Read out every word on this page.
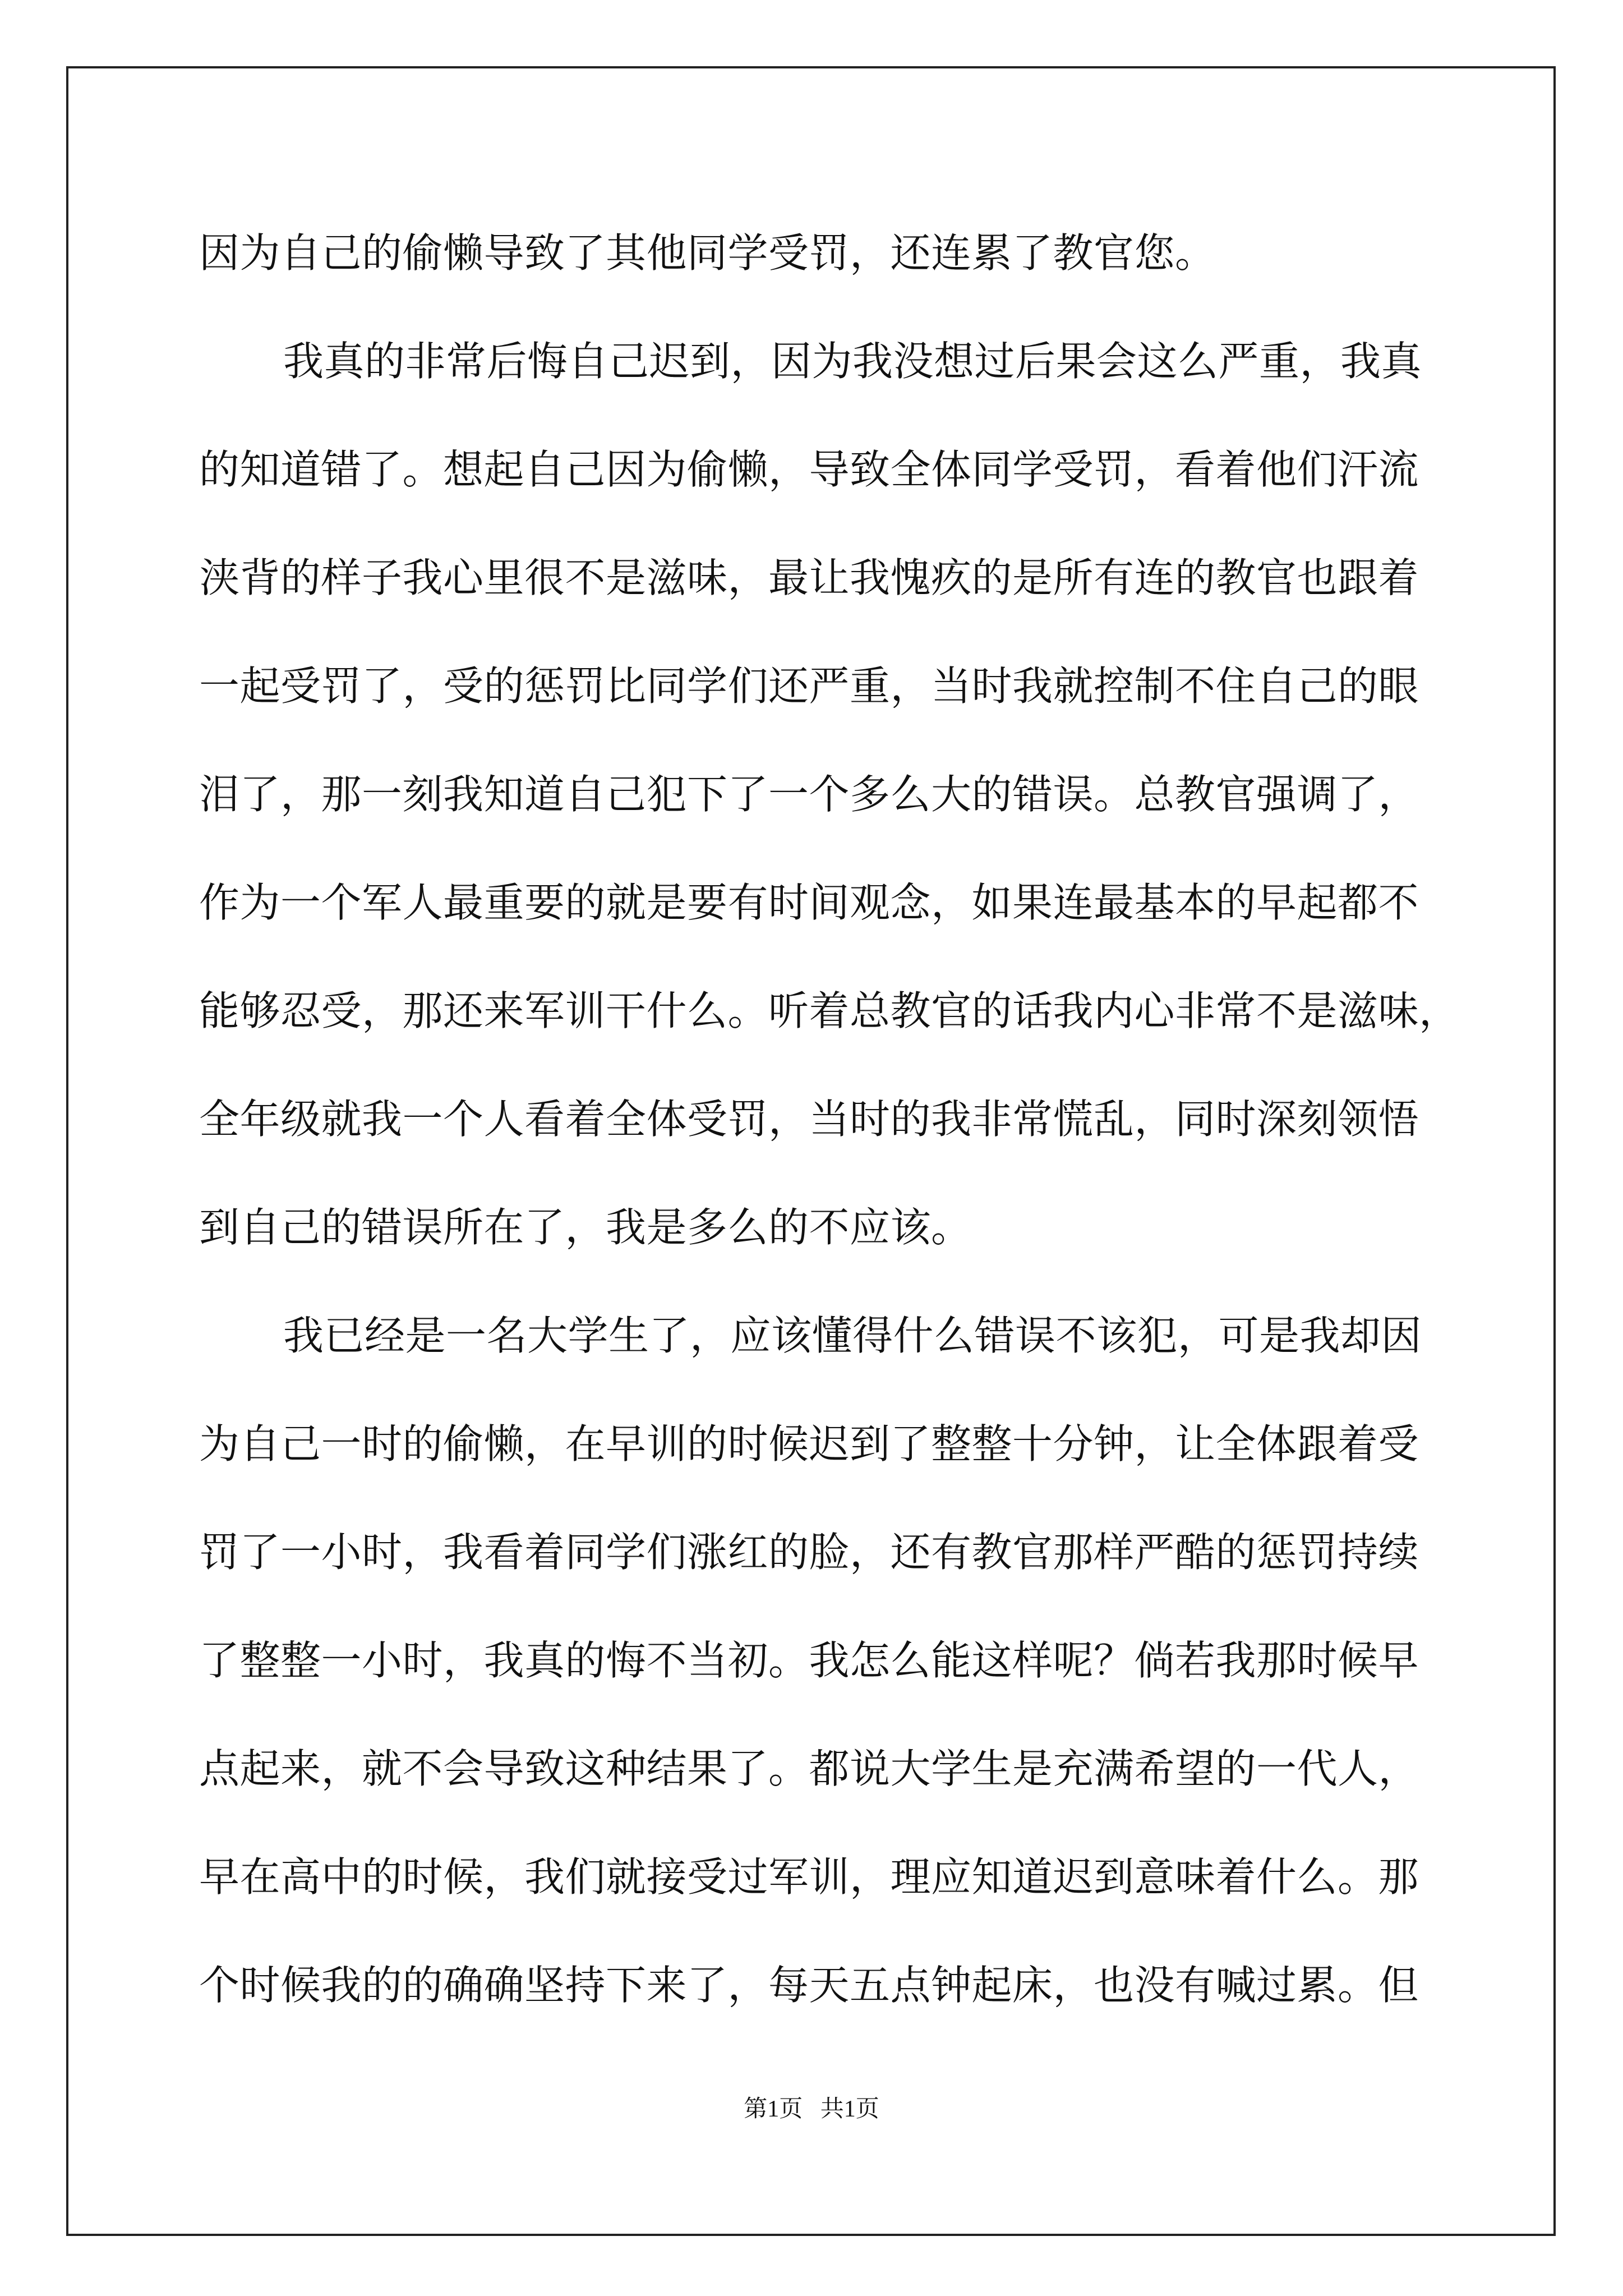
因为自己的偷懒导致了其他同学受罚，还连累了教官您。
我真的非常后悔自己迟到，因为我没想过后果会这么严重，我真
的知道错了。想起自己因为偷懒，导致全体同学受罚，看着他们汗流
浃背的样子我心里很不是滋味，最让我愧疚的是所有连的教官也跟着
一起受罚了，受的惩罚比同学们还严重，当时我就控制不住自己的眼
泪了，那一刻我知道自己犯下了一个多么大的错误。总教官强调了，
作为一个军人最重要的就是要有时间观念，如果连最基本的早起都不
能够忍受，那还来军训干什么。听着总教官的话我内心非常不是滋味，
全年级就我一个人看着全体受罚，当时的我非常慌乱，同时深刻领悟
到自己的错误所在了，我是多么的不应该。
我已经是一名大学生了，应该懂得什么错误不该犯，可是我却因
为自己一时的偷懒，在早训的时候迟到了整整十分钟，让全体跟着受
罚了一小时，我看着同学们涨红的脸，还有教官那样严酷的惩罚持续
了整整一小时，我真的悔不当初。我怎么能这样呢？倘若我那时候早
点起来，就不会导致这种结果了。都说大学生是充满希望的一代人，
早在高中的时候，我们就接受过军训，理应知道迟到意味着什么。那
个时候我的的确确坚持下来了，每天五点钟起床，也没有喊过累。但
第1页   共1页
